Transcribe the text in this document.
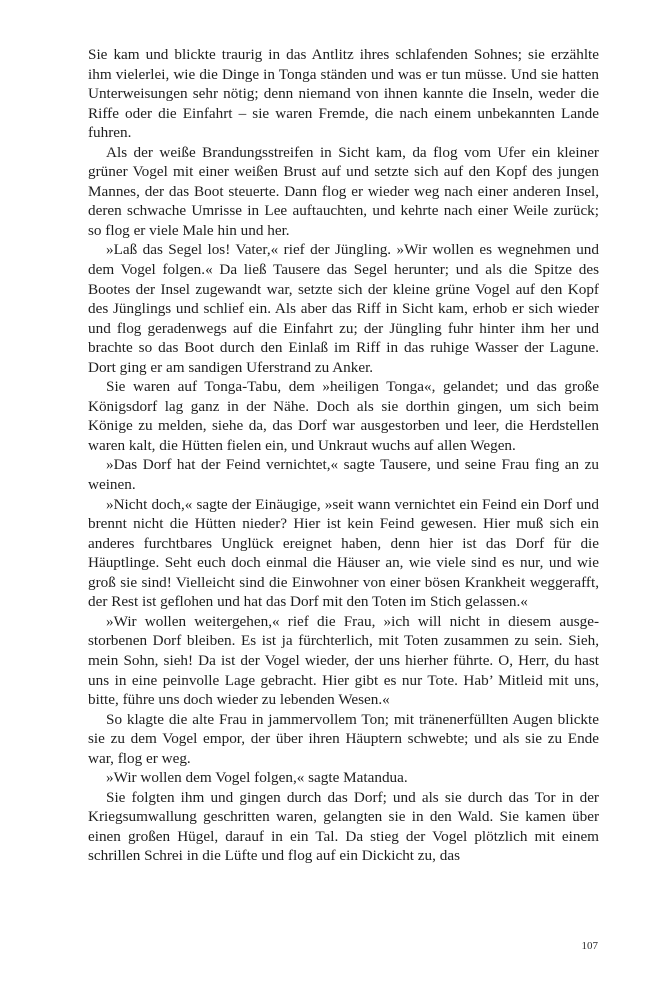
Sie kam und blickte traurig in das Antlitz ihres schlafenden Sohnes; sie erzählte ihm vielerlei, wie die Dinge in Tonga ständen und was er tun müsse. Und sie hatten Unterweisungen sehr nötig; denn niemand von ihnen kannte die Inseln, weder die Riffe oder die Einfahrt – sie waren Fremde, die nach einem unbekannten Lande fuhren.

Als der weiße Brandungsstreifen in Sicht kam, da flog vom Ufer ein kleiner grüner Vogel mit einer weißen Brust auf und setzte sich auf den Kopf des jungen Mannes, der das Boot steuerte. Dann flog er wieder weg nach einer anderen Insel, deren schwache Umrisse in Lee auftauchten, und kehrte nach einer Weile zurück; so flog er viele Male hin und her.

»Laß das Segel los! Vater,« rief der Jüngling. »Wir wollen es wegnehmen und dem Vogel folgen.« Da ließ Tausere das Segel herunter; und als die Spitze des Bootes der Insel zugewandt war, setzte sich der kleine grüne Vogel auf den Kopf des Jünglings und schlief ein. Als aber das Riff in Sicht kam, erhob er sich wieder und flog geradenwegs auf die Einfahrt zu; der Jüngling fuhr hinter ihm her und brachte so das Boot durch den Einlaß im Riff in das ruhige Wasser der Lagune. Dort ging er am sandigen Uferstrand zu Anker.

Sie waren auf Tonga-Tabu, dem »heiligen Tonga«, gelandet; und das große Königsdorf lag ganz in der Nähe. Doch als sie dorthin gingen, um sich beim Könige zu melden, siehe da, das Dorf war ausgestorben und leer, die Herdstellen waren kalt, die Hütten fielen ein, und Unkraut wuchs auf allen Wegen.

»Das Dorf hat der Feind vernichtet,« sagte Tausere, und seine Frau fing an zu weinen.

»Nicht doch,« sagte der Einäugige, »seit wann vernichtet ein Feind ein Dorf und brennt nicht die Hütten nieder? Hier ist kein Feind gewesen. Hier muß sich ein anderes furchtbares Unglück ereignet haben, denn hier ist das Dorf für die Häuptlinge. Seht euch doch einmal die Häuser an, wie viele sind es nur, und wie groß sie sind! Vielleicht sind die Einwohner von einer bösen Krankheit weggerafft, der Rest ist geflohen und hat das Dorf mit den Toten im Stich gelassen.«

»Wir wollen weitergehen,« rief die Frau, »ich will nicht in diesem ausgestorbenen Dorf bleiben. Es ist ja fürchterlich, mit Toten zusammen zu sein. Sieh, mein Sohn, sieh! Da ist der Vogel wieder, der uns hierher führte. O, Herr, du hast uns in eine peinvolle Lage gebracht. Hier gibt es nur Tote. Hab’ Mitleid mit uns, bitte, führe uns doch wieder zu lebenden Wesen.«

So klagte die alte Frau in jammervollem Ton; mit tränenerfüllten Augen blickte sie zu dem Vogel empor, der über ihren Häuptern schwebte; und als sie zu Ende war, flog er weg.

»Wir wollen dem Vogel folgen,« sagte Matandua.

Sie folgten ihm und gingen durch das Dorf; und als sie durch das Tor in der Kriegsumwallung geschritten waren, gelangten sie in den Wald. Sie kamen über einen großen Hügel, darauf in ein Tal. Da stieg der Vogel plötzlich mit einem schrillen Schrei in die Lüfte und flog auf ein Dickicht zu, das

107
